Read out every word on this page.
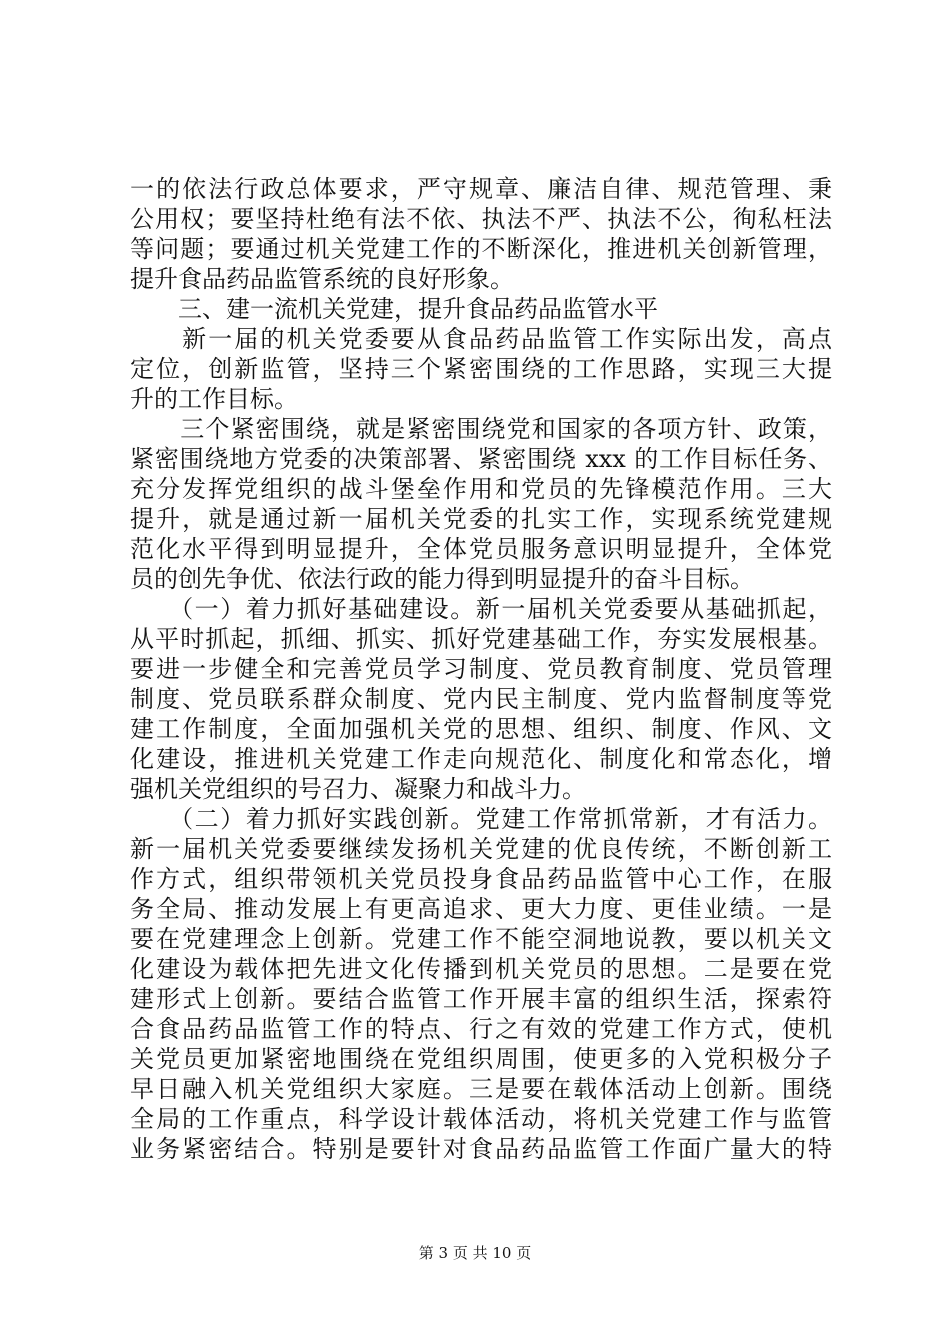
一的依法行政总体要求，严守规章、廉洁自律、规范管理、秉
公用权；要坚持杜绝有法不依、执法不严、执法不公，徇私枉法
等问题；要通过机关党建工作的不断深化，推进机关创新管理，
提升食品药品监管系统的良好形象。
　　三、建一流机关党建，提升食品药品监管水平
　　新一届的机关党委要从食品药品监管工作实际出发，高点
定位，创新监管，坚持三个紧密围绕的工作思路，实现三大提
升的工作目标。
　　三个紧密围绕，就是紧密围绕党和国家的各项方针、政策，
紧密围绕地方党委的决策部署、紧密围绕 xxx 的工作目标任务、
充分发挥党组织的战斗堡垒作用和党员的先锋模范作用。三大
提升，就是通过新一届机关党委的扎实工作，实现系统党建规
范化水平得到明显提升，全体党员服务意识明显提升，全体党
员的创先争优、依法行政的能力得到明显提升的奋斗目标。
　　（一）着力抓好基础建设。新一届机关党委要从基础抓起，
从平时抓起，抓细、抓实、抓好党建基础工作，夯实发展根基。
要进一步健全和完善党员学习制度、党员教育制度、党员管理
制度、党员联系群众制度、党内民主制度、党内监督制度等党
建工作制度，全面加强机关党的思想、组织、制度、作风、文
化建设，推进机关党建工作走向规范化、制度化和常态化，增
强机关党组织的号召力、凝聚力和战斗力。
　　（二）着力抓好实践创新。党建工作常抓常新，才有活力。
新一届机关党委要继续发扬机关党建的优良传统，不断创新工
作方式，组织带领机关党员投身食品药品监管中心工作，在服
务全局、推动发展上有更高追求、更大力度、更佳业绩。一是
要在党建理念上创新。党建工作不能空洞地说教，要以机关文
化建设为载体把先进文化传播到机关党员的思想。二是要在党
建形式上创新。要结合监管工作开展丰富的组织生活，探索符
合食品药品监管工作的特点、行之有效的党建工作方式，使机
关党员更加紧密地围绕在党组织周围，使更多的入党积极分子
早日融入机关党组织大家庭。三是要在载体活动上创新。围绕
全局的工作重点，科学设计载体活动，将机关党建工作与监管
业务紧密结合。特别是要针对食品药品监管工作面广量大的特
第 3 页 共 10 页
